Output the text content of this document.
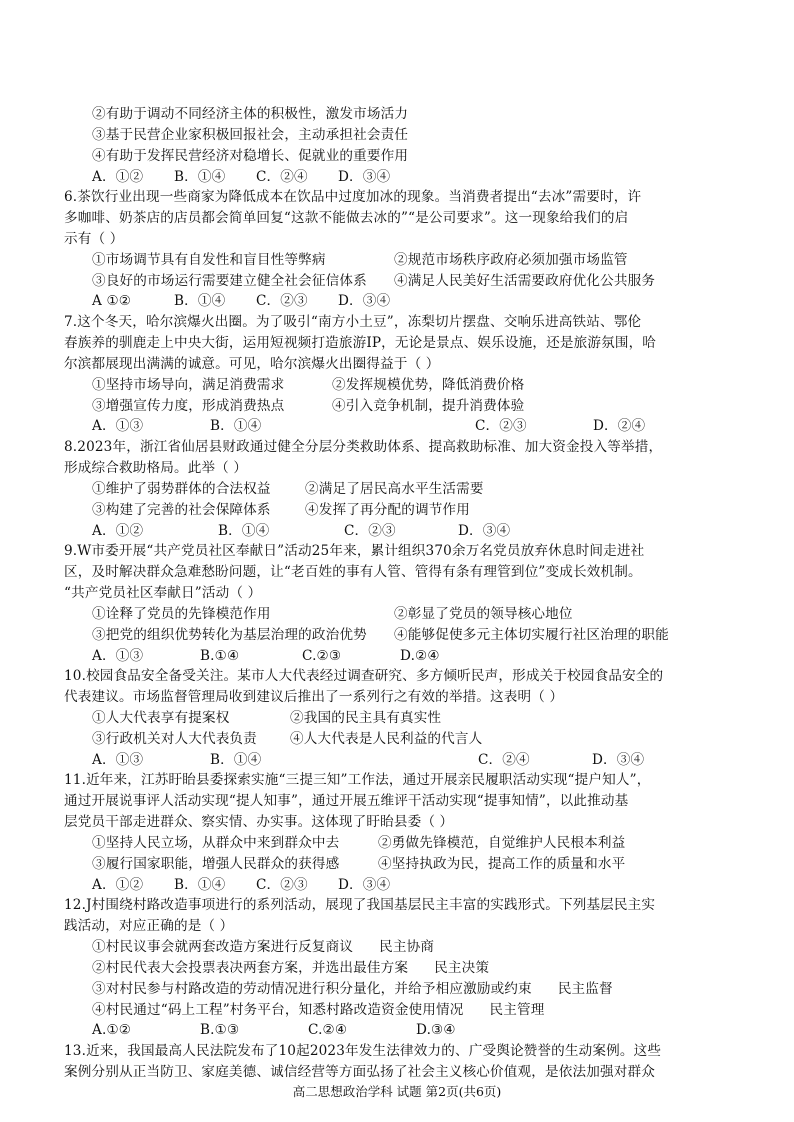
②有助于调动不同经济主体的积极性，激发市场活力
③基于民营企业家积极回报社会，主动承担社会责任
④有助于发挥民营经济对稳增长、促就业的重要作用
A．①②	B．①④	C．②④	D．③④
6.茶饮行业出现一些商家为降低成本在饮品中过度加冰的现象。当消费者提出“去冰”需要时，许
多咖啡、奶茶店的店员都会简单回复“这款不能做去冰的”“是公司要求”。这一现象给我们的启
示有（ ）
①市场调节具有自发性和盲目性等弊病	②规范市场秩序政府必须加强市场监管
③良好的市场运行需要建立健全社会征信体系	④满足人民美好生活需要政府优化公共服务
A ①②	B．①④	C．②③	D．③④
7.这个冬天，哈尔滨爆火出圈。为了吸引“南方小土豆”，冻梨切片摆盘、交响乐进高铁站、鄂伦
春族养的驯鹿走上中央大街，运用短视频打造旅游IP，无论是景点、娱乐设施，还是旅游氛围，哈
尔滨都展现出满满的诚意。可见，哈尔滨爆火出圈得益于（ ）
①坚持市场导向，满足消费需求	②发挥规模优势，降低消费价格
③增强宣传力度，形成消费热点	④引入竞争机制，提升消费体验
A．①③	B．①④	C．②③	D．②④
8.2023年，浙江省仙居县财政通过健全分层分类救助体系、提高救助标准、加大资金投入等举措，
形成综合救助格局。此举（ ）
①维护了弱势群体的合法权益	②满足了居民高水平生活需要
③构建了完善的社会保障体系	④发挥了再分配的调节作用
A．①②	B．①④	C．②③	D．③④
9.W市委开展“共产党员社区奉献日”活动25年来，累计组织370余万名党员放弃休息时间走进社
区，及时解决群众急难愁盼问题，让“老百姓的事有人管、管得有条有理管到位”变成长效机制。
“共产党员社区奉献日”活动（ ）
①诠释了党员的先锋模范作用	②彰显了党员的领导核心地位
③把党的组织优势转化为基层治理的政治优势	④能够促使多元主体切实履行社区治理的职能
A．①③	B.①④	C.②③	D.②④
10.校园食品安全备受关注。某市人大代表经过调查研究、多方倾听民声，形成关于校园食品安全的
代表建议。市场监督管理局收到建议后推出了一系列行之有效的举措。这表明（ ）
①人大代表享有提案权	②我国的民主具有真实性
③行政机关对人大代表负责	④人大代表是人民利益的代言人
A．①③	B．①④	C．②④	D．③④
11.近年来，江苏盱眙县委探索实施“三提三知”工作法，通过开展亲民履职活动实现“提户知人”，
通过开展说事评人活动实现“提人知事”，通过开展五维评干活动实现“提事知情”，以此推动基
层党员干部走进群众、察实情、办实事。这体现了盱眙县委（ ）
①坚持人民立场，从群众中来到群众中去	②勇做先锋模范，自觉维护人民根本利益
③履行国家职能，增强人民群众的获得感	④坚持执政为民，提高工作的质量和水平
A．①②	B．①④	C．②③	D．③④
12.J村围绕村路改造事项进行的系列活动，展现了我国基层民主丰富的实践形式。下列基层民主实
践活动，对应正确的是（ ）
①村民议事会就两套改造方案进行反复商议 民主协商
②村民代表大会投票表决两套方案，并选出最佳方案 民主决策
③对村民参与村路改造的劳动情况进行积分量化，并给予相应激励或约束 民主监督
④村民通过“码上工程”村务平台，知悉村路改造资金使用情况 民主管理
A.①②	B.①③	C.②④	D.③④
高二思想政治学科 试题 第2页(共6页)
13.近来，我国最高人民法院发布了10起2023年发生法律效力的、广受舆论赞誉的生动案例。这些
案例分别从正当防卫、家庭美德、诚信经营等方面弘扬了社会主义核心价值观，是依法加强对群众
